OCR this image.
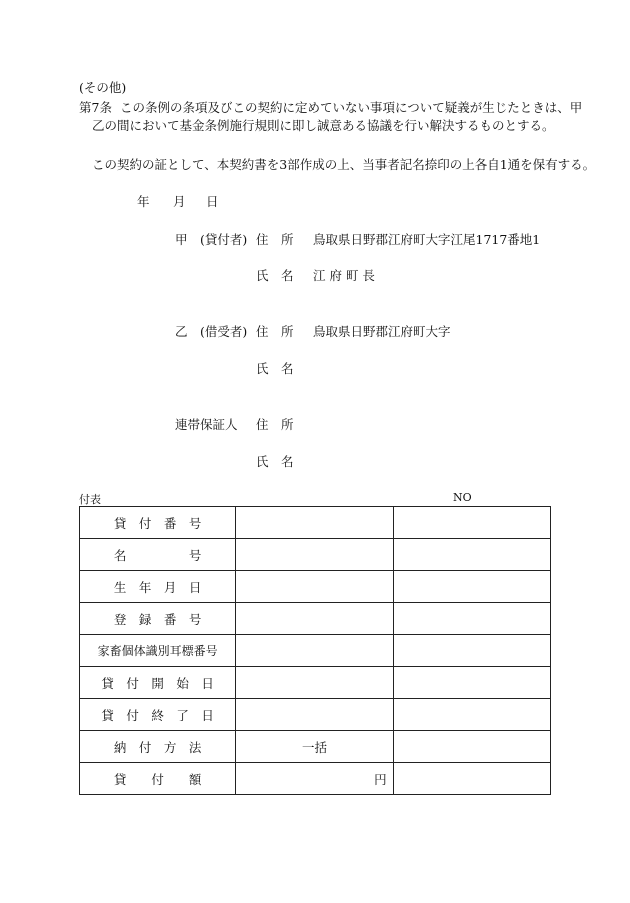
(その他)
第7条 この条例の条項及びこの契約に定めていない事項について疑義が生じたときは、甲
乙の間において基金条例施行規則に即し誠意ある協議を行い解決するものとする。
この契約の証として、本契約書を3部作成の上、当事者記名捺印の上各自1通を保有する。
年 月 日
甲　(貸付者) 住　所 鳥取県日野郡江府町大字江尾1717番地1
氏　名 江 府 町 長
乙　(借受者) 住　所 鳥取県日野郡江府町大字
氏　名
連帯保証人 住　所
氏　名
付表	NO
貸　付　番　号		
名　　　　　号		
生　年　月　日		
登　録　番　号		
家畜個体識別耳標番号		
貸　付　開　始　日		
貸　付　終　了　日		
納　付　方　法	一括	
貸　　付　　額	円	
